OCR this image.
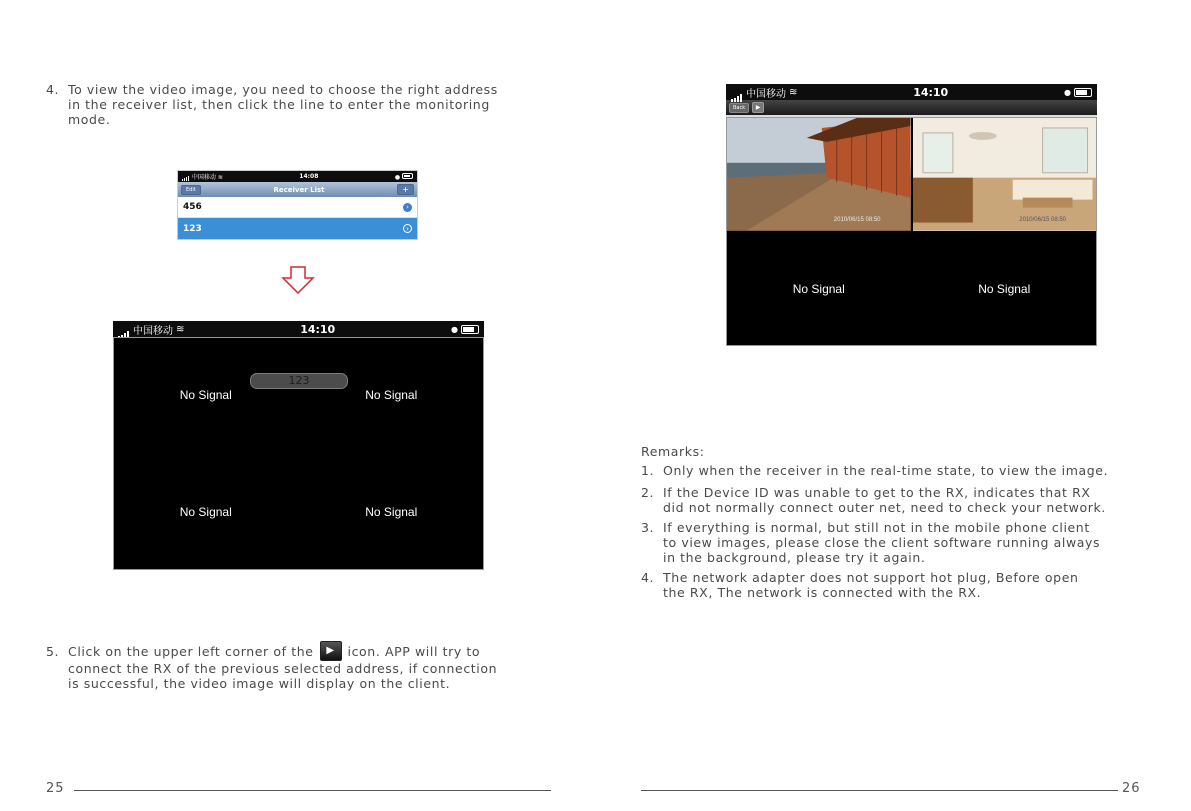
4. To view the video image, you need to choose the right address
in the receiver list, then click the line to enter the monitoring
mode.
中国移动 ≋	14:08	●
Edit	Receiver List	+
456	›
123	›
中国移动 ≋	14:10	●
No Signal	No Signal
No Signal	No Signal
123
5. Click on the upper left corner of the	▶	icon. APP will try to
connect the RX of the previous selected address, if connection
is successful, the video image will display on the client.
25
中国移动 ≋	14:10	●
Back	▶
2010/06/15 08:50	2010/06/15 08:50
No Signal	No Signal
Remarks:
1. Only when the receiver in the real-time state, to view the image.
2. If the Device ID was unable to get to the RX, indicates that RX
did not normally connect outer net, need to check your network.
3. If everything is normal, but still not in the mobile phone client
to view images, please close the client software running always
in the background, please try it again.
4. The network adapter does not support hot plug, Before open
the RX, The network is connected with the RX.
26
